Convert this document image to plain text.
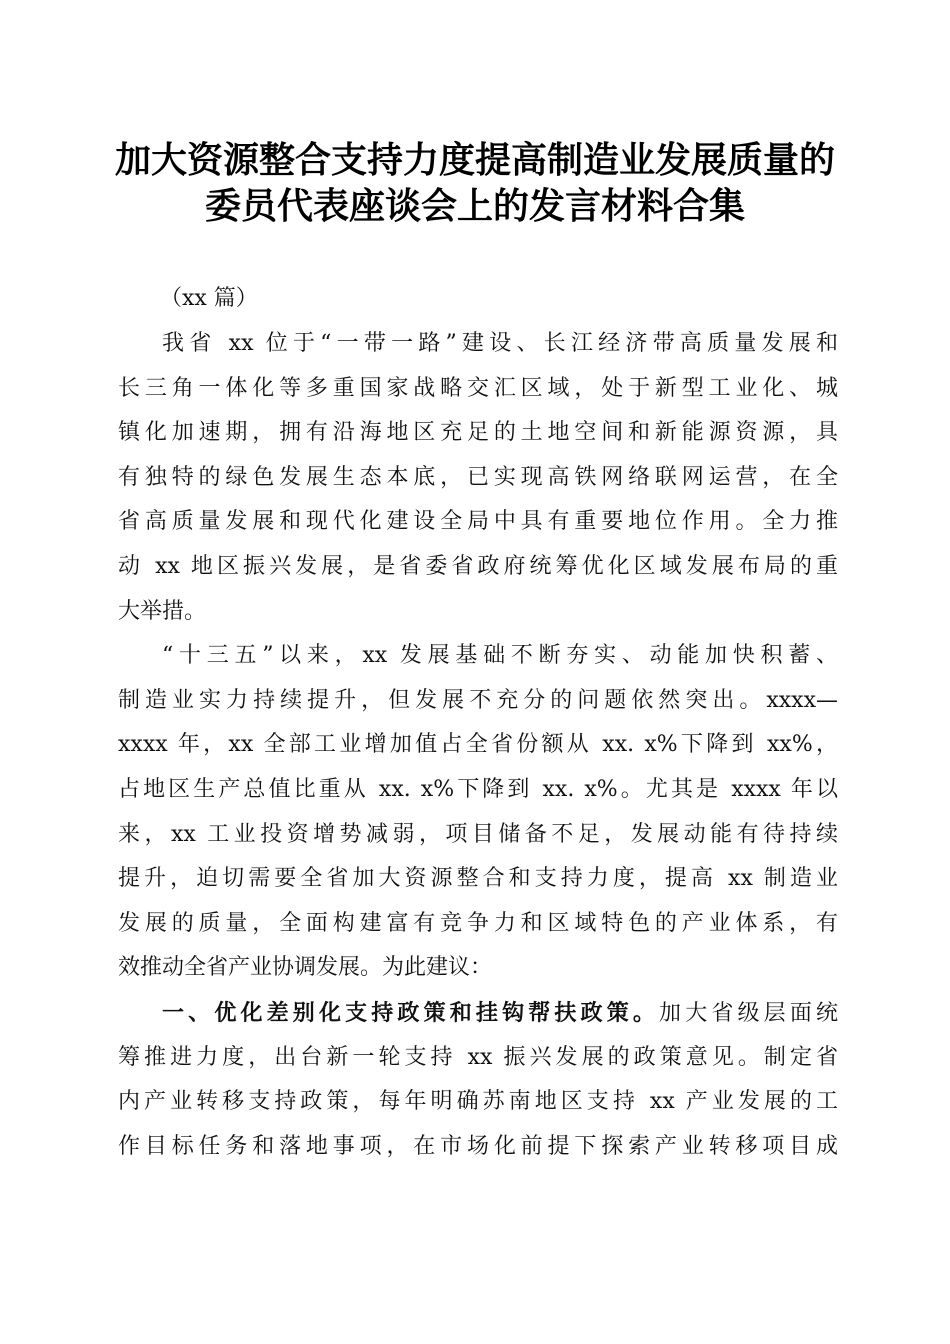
加大资源整合支持力度提高制造业发展质量的
委员代表座谈会上的发言材料合集
（xx 篇）
我省 xx 位于“一带一路”建设、长江经济带高质量发展和
长三角一体化等多重国家战略交汇区域，处于新型工业化、城
镇化加速期，拥有沿海地区充足的土地空间和新能源资源，具
有独特的绿色发展生态本底，已实现高铁网络联网运营，在全
省高质量发展和现代化建设全局中具有重要地位作用。全力推
动 xx 地区振兴发展，是省委省政府统筹优化区域发展布局的重
大举措。
“十三五”以来，xx 发展基础不断夯实、动能加快积蓄、
制造业实力持续提升，但发展不充分的问题依然突出。xxxx—
xxxx 年，xx 全部工业增加值占全省份额从 xx. x%下降到 xx%，
占地区生产总值比重从 xx. x%下降到 xx. x%。尤其是 xxxx 年以
来，xx 工业投资增势减弱，项目储备不足，发展动能有待持续
提升，迫切需要全省加大资源整合和支持力度，提高 xx 制造业
发展的质量，全面构建富有竞争力和区域特色的产业体系，有
效推动全省产业协调发展。为此建议：
一、优化差别化支持政策和挂钩帮扶政策。加大省级层面统
筹推进力度，出台新一轮支持 xx 振兴发展的政策意见。制定省
内产业转移支持政策，每年明确苏南地区支持 xx 产业发展的工
作目标任务和落地事项，在市场化前提下探索产业转移项目成
